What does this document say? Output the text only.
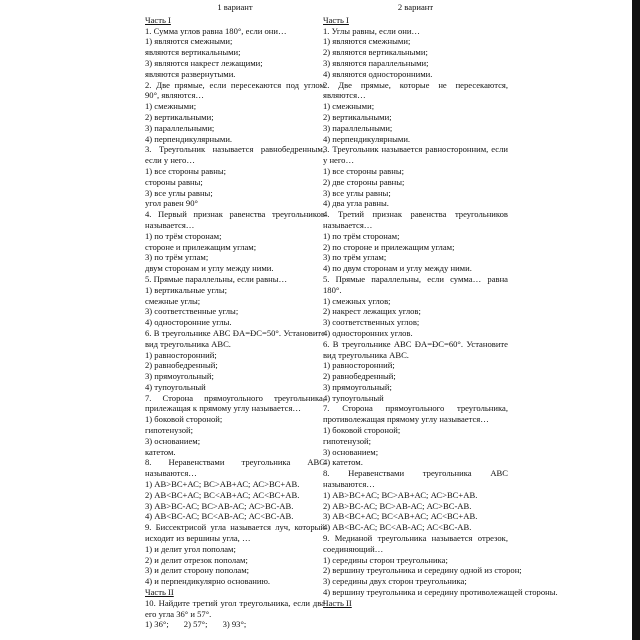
1 вариант
Часть I
1. Сумма углов равна 180°, если они…
1) являются смежными;
являются вертикальными;
3) являются накрест лежащими;
являются развернутыми.
2. Две прямые, если пересекаются под углом 90°, являются…
1) смежными;
2) вертикальными;
3) параллельными;
4) перпендикулярными.
3. Треугольник называется равнобедренным, если у него…
1) все стороны равны;
стороны равны;
3) все углы равны;
угол равен 90°
4. Первый признак равенства треугольников называется…
1) по трём сторонам;
стороне и прилежащим углам;
3) по трём углам;
двум сторонам и углу между ними.
5. Прямые параллельны, если равны…
1) вертикальные углы;
смежные углы;
3) соответственные углы;
4) односторонние углы.
6. В треугольнике АВС ÐА=ÐС=50°. Установите вид треугольника АВС.
1) равносторонний;
2) равнобедренный;
3) прямоугольный;
4) тупоугольный
7. Сторона прямоугольного треугольника, прилежащая к прямому углу называется…
1) боковой стороной;
гипотенузой;
3) основанием;
катетом.
8. Неравенствами треугольника АВС называются…
1) АВ>ВС+АС; ВС>АВ+АС; АС>ВС+АВ.
2) АВ<ВС+АС; ВС<АВ+АС; АС<ВС+АВ.
3) АВ>ВС-АС; ВС>АВ-АС; АС>ВС-АВ.
4) АВ<ВС-АС; ВС<АВ-АС; АС<ВС-АВ.
9. Биссектрисой угла называется луч, который исходит из вершины угла, …
1) и делит угол пополам;
2) и делит отрезок пополам;
3) и делит сторону пополам;
4) и перпендикулярно основанию.
Часть II
10. Найдите третий угол треугольника, если два его угла 36° и 57°.
1) 36°; 2) 57°; 3) 93°;
2 вариант
Часть I
1. Углы равны, если они…
1) являются смежными;
2) являются вертикальными;
3) являются параллельными;
4) являются односторонними.
2. Две прямые, которые не пересекаются, являются…
1) смежными;
2) вертикальными;
3) параллельными;
4) перпендикулярными.
3. Треугольник называется равносторонним, если у него…
1) все стороны равны;
2) две стороны равны;
3) все углы равны;
4) два угла равны.
4. Третий признак равенства треугольников называется…
1) по трём сторонам;
2) по стороне и прилежащим углам;
3) по трём углам;
4) по двум сторонам и углу между ними.
5. Прямые параллельны, если сумма… равна 180°.
1) смежных углов;
2) накрест лежащих углов;
3) соответственных углов;
4) односторонних углов.
6. В треугольнике АВС ÐА=ÐС=60°. Установите вид треугольника АВС.
1) равносторонний;
2) равнобедренный;
3) прямоугольный;
4) тупоугольный
7. Сторона прямоугольного треугольника, противолежащая прямому углу называется…
1) боковой стороной;
гипотенузой;
3) основанием;
4) катетом.
8. Неравенствами треугольника АВС называются…
1) АВ>ВС+АС; ВС>АВ+АС; АС>ВС+АВ.
2) АВ>ВС-АС; ВС>АВ-АС; АС>ВС-АВ.
3) АВ<ВС+АС; ВС<АВ+АС; АС<ВС+АВ.
4) АВ<ВС-АС; ВС<АВ-АС; АС<ВС-АВ.
9. Медианой треугольника называется отрезок, соединяющий…
1) середины сторон треугольника;
2) вершину треугольника и середину одной из сторон;
3) середины двух сторон треугольника;
4) вершину треугольника и середину противолежащей стороны.
Часть II
